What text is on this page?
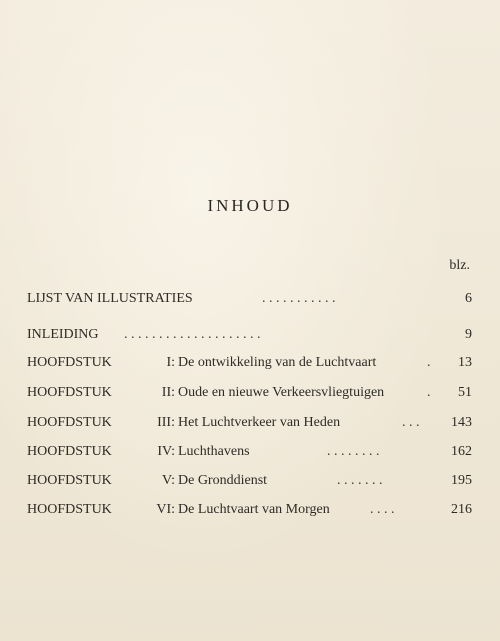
INHOUD
blz.
LIJST VAN ILLUSTRATIES	. . . . . . . . . . .	6
INLEIDING . . . . . . . . . . . . . . . . . . . .	9
HOOFDSTUK	I: De ontwikkeling van de Luchtvaart	. 13
HOOFDSTUK	II: Oude en nieuwe Verkeersvliegtuigen	. 51
HOOFDSTUK	III: Het Luchtverkeer van Heden	. . . 143
HOOFDSTUK	IV: Luchthavens	. . . . . . . .	162
HOOFDSTUK	V: De Gronddienst	. . . . . . .	195
HOOFDSTUK	VI: De Luchtvaart van Morgen	. . . .	216
